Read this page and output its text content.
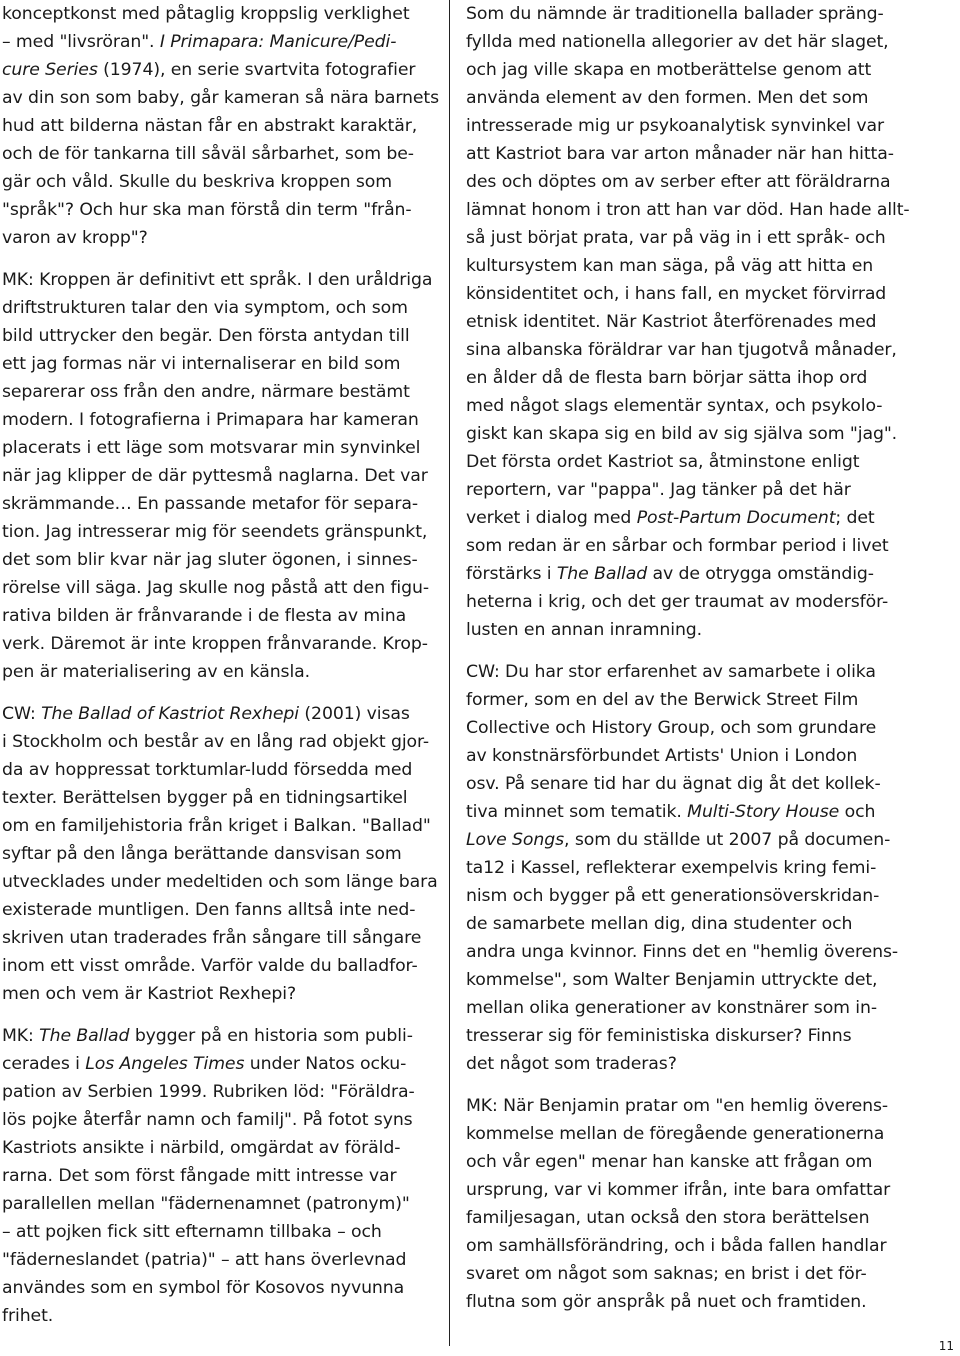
konceptkonst med påtaglig kroppslig verklighet
– med "livsröran". I Primapara: Manicure/Pedi-
cure Series (1974), en serie svartvita fotografier
av din son som baby, går kameran så nära barnets
hud att bilderna nästan får en abstrakt karaktär,
och de för tankarna till såväl sårbarhet, som be-
gär och våld. Skulle du beskriva kroppen som
"språk"? Och hur ska man förstå din term "från-
varon av kropp"?
MK: Kroppen är definitivt ett språk. I den uråldriga
driftstrukturen talar den via symptom, och som
bild uttrycker den begär. Den första antydan till
ett jag formas när vi internaliserar en bild som
separerar oss från den andre, närmare bestämt
modern. I fotografierna i Primapara har kameran
placerats i ett läge som motsvarar min synvinkel
när jag klipper de där pyttesmå naglarna. Det var
skrämmande… En passande metafor för separa-
tion. Jag intresserar mig för seendets gränspunkt,
det som blir kvar när jag sluter ögonen, i sinnes-
rörelse vill säga. Jag skulle nog påstå att den figu-
rativa bilden är frånvarande i de flesta av mina
verk. Däremot är inte kroppen frånvarande. Krop-
pen är materialisering av en känsla.
CW: The Ballad of Kastriot Rexhepi (2001) visas
i Stockholm och består av en lång rad objekt gjor-
da av hoppressat torktumlar-ludd försedda med
texter. Berättelsen bygger på en tidningsartikel
om en familjehistoria från kriget i Balkan. "Ballad"
syftar på den långa berättande dansvisan som
utvecklades under medeltiden och som länge bara
existerade muntligen. Den fanns alltså inte ned-
skriven utan traderades från sångare till sångare
inom ett visst område. Varför valde du balladfor-
men och vem är Kastriot Rexhepi?
MK: The Ballad bygger på en historia som publi-
cerades i Los Angeles Times under Natos ocku-
pation av Serbien 1999. Rubriken löd: "Föräldra-
lös pojke återfår namn och familj". På fotot syns
Kastriots ansikte i närbild, omgärdat av föräld-
rarna. Det som först fångade mitt intresse var
parallellen mellan "fädernenamnet (patronym)"
– att pojken fick sitt efternamn tillbaka – och
"fäderneslandet (patria)" – att hans överlevnad
användes som en symbol för Kosovos nyvunna
frihet.
Som du nämnde är traditionella ballader spräng-
fyllda med nationella allegorier av det här slaget,
och jag ville skapa en motberättelse genom att
använda element av den formen. Men det som
intresserade mig ur psykoanalytisk synvinkel var
att Kastriot bara var arton månader när han hitta-
des och döptes om av serber efter att föräldrarna
lämnat honom i tron att han var död. Han hade allt-
så just börjat prata, var på väg in i ett språk- och
kultursystem kan man säga, på väg att hitta en
könsidentitet och, i hans fall, en mycket förvirrad
etnisk identitet. När Kastriot återförenades med
sina albanska föräldrar var han tjugotvå månader,
en ålder då de flesta barn börjar sätta ihop ord
med något slags elementär syntax, och psykolo-
giskt kan skapa sig en bild av sig själva som "jag".
Det första ordet Kastriot sa, åtminstone enligt
reportern, var "pappa". Jag tänker på det här
verket i dialog med Post-Partum Document; det
som redan är en sårbar och formbar period i livet
förstärks i The Ballad av de otrygga omständig-
heterna i krig, och det ger traumat av modersför-
lusten en annan inramning.
CW: Du har stor erfarenhet av samarbete i olika
former, som en del av the Berwick Street Film
Collective och History Group, och som grundare
av konstnärsförbundet Artists' Union i London
osv. På senare tid har du ägnat dig åt det kollek-
tiva minnet som tematik. Multi-Story House och
Love Songs, som du ställde ut 2007 på documen-
ta12 i Kassel, reflekterar exempelvis kring femi-
nism och bygger på ett generationsöverskridan-
de samarbete mellan dig, dina studenter och
andra unga kvinnor. Finns det en "hemlig överens-
kommelse", som Walter Benjamin uttryckte det,
mellan olika generationer av konstnärer som in-
tresserar sig för feministiska diskurser? Finns
det något som traderas?
MK: När Benjamin pratar om "en hemlig överens-
kommelse mellan de föregående generationerna
och vår egen" menar han kanske att frågan om
ursprung, var vi kommer ifrån, inte bara omfattar
familjesagan, utan också den stora berättelsen
om samhällsförändring, och i båda fallen handlar
svaret om något som saknas; en brist i det för-
flutna som gör anspråk på nuet och framtiden.
11
